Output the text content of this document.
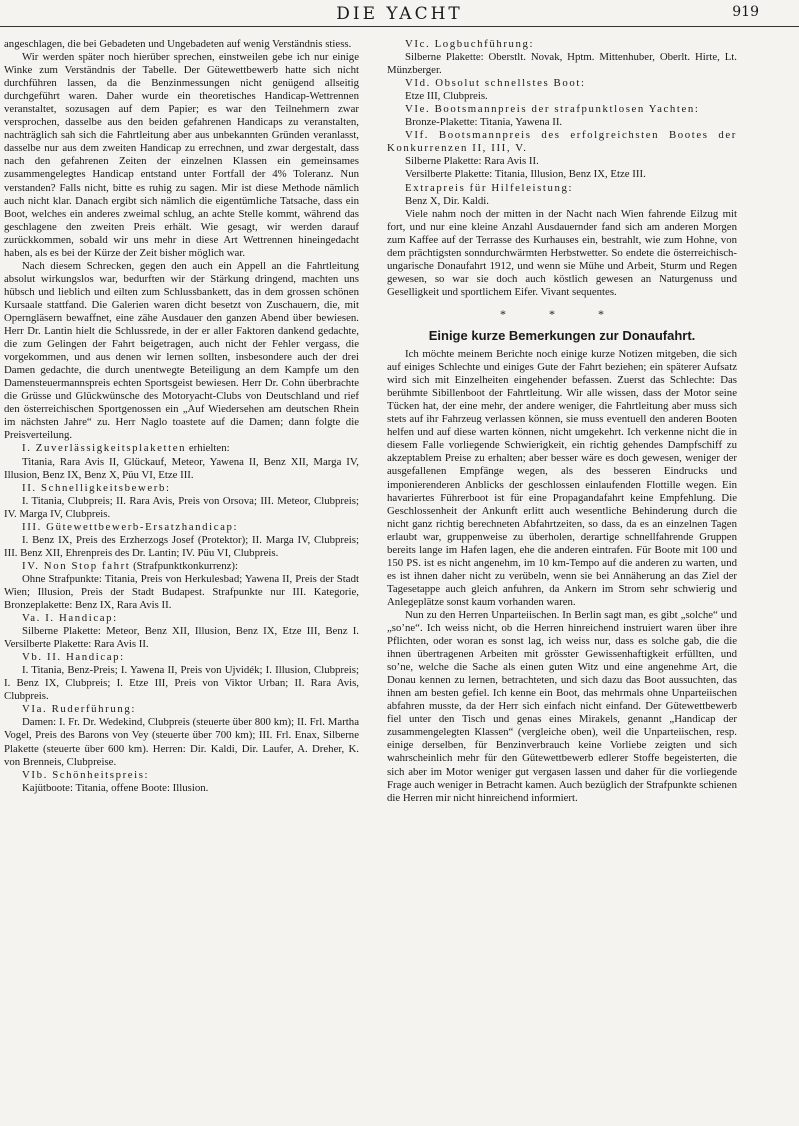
DIE YACHT	919

angeschlagen, die bei Gebadeten und Ungebadeten auf wenig Verständnis stiess.

Wir werden später noch hierüber sprechen, einstweilen gebe ich nur einige Winke zum Verständnis der Tabelle. Der Gütewettbewerb hatte sich nicht durchführen lassen, da die Benzinmessungen nicht genügend allseitig durchgeführt waren. Daher wurde ein theoretisches Handicap-Wettrennen veranstaltet, sozusagen auf dem Papier; es war den Teilnehmern zwar versprochen, dasselbe aus den beiden gefahrenen Handicaps zu veranstalten, nachträglich sah sich die Fahrtleitung aber aus unbekannten Gründen veranlasst, dasselbe nur aus dem zweiten Handicap zu errechnen, und zwar dergestalt, dass nach den gefahrenen Zeiten der einzelnen Klassen ein gemeinsames zusammengelegtes Handicap entstand unter Fortfall der 4% Toleranz. Nun verstanden? Falls nicht, bitte es ruhig zu sagen. Mir ist diese Methode nämlich auch nicht klar. Danach ergibt sich nämlich die eigentümliche Tatsache, dass ein Boot, welches ein anderes zweimal schlug, an achte Stelle kommt, während das geschlagene den zweiten Preis erhält. Wie gesagt, wir werden darauf zurückkommen, sobald wir uns mehr in diese Art Wettrennen hineingedacht haben, als es bei der Kürze der Zeit bisher möglich war.

Nach diesem Schrecken, gegen den auch ein Appell an die Fahrtleitung absolut wirkungslos war, bedurften wir der Stärkung dringend, machten uns hübsch und lieblich und eilten zum Schlussbankett, das in dem grossen schönen Kursaale stattfand. Die Galerien waren dicht besetzt von Zuschauern, die, mit Operngläsern bewaffnet, eine zähe Ausdauer den ganzen Abend über bewiesen. Herr Dr. Lantin hielt die Schlussrede, in der er aller Faktoren dankend gedachte, die zum Gelingen der Fahrt beigetragen, auch nicht der Fehler vergass, die vorgekommen, und aus denen wir lernen sollten, insbesondere auch der drei Damen gedachte, die durch unentwegte Beteiligung an dem Kampfe um den Damensteuermannspreis echten Sportsgeist bewiesen. Herr Dr. Cohn überbrachte die Grüsse und Glückwünsche des Motoryacht-Clubs von Deutschland und rief den österreichischen Sportgenossen ein „Auf Wiedersehen am deutschen Rhein im nächsten Jahre“ zu. Herr Naglo toastete auf die Damen; dann folgte die Preisverteilung.

I. Zuverlässigkeitsplaketten erhielten:

Titania, Rara Avis II, Glückauf, Meteor, Yawena II, Benz XII, Marga IV, Illusion, Benz IX, Benz X, Püu VI, Etze III.

II. Schnelligkeitsbewerb:

I. Titania, Clubpreis; II. Rara Avis, Preis von Orsova; III. Meteor, Clubpreis; IV. Marga IV, Clubpreis.

III. Gütewettbewerb-Ersatzhandicap:

I. Benz IX, Preis des Erzherzogs Josef (Protektor); II. Marga IV, Clubpreis; III. Benz XII, Ehrenpreis des Dr. Lantin; IV. Püu VI, Clubpreis.

IV. Non Stop fahrt (Strafpunktkonkurrenz):

Ohne Strafpunkte: Titania, Preis von Herkulesbad; Yawena II, Preis der Stadt Wien; Illusion, Preis der Stadt Budapest. Strafpunkte nur III. Kategorie, Bronzeplakette: Benz IX, Rara Avis II.

Va. I. Handicap:

Silberne Plakette: Meteor, Benz XII, Illusion, Benz IX, Etze III, Benz I. Versilberte Plakette: Rara Avis II.

Vb. II. Handicap:

I. Titania, Benz-Preis; I. Yawena II, Preis von Ujvidék; I. Illusion, Clubpreis; I. Benz IX, Clubpreis; I. Etze III, Preis von Viktor Urban; II. Rara Avis, Clubpreis.

VIa. Ruderführung:

Damen: I. Fr. Dr. Wedekind, Clubpreis (steuerte über 800 km); II. Frl. Martha Vogel, Preis des Barons von Vey (steuerte über 700 km); III. Frl. Enax, Silberne Plakette (steuerte über 600 km). Herren: Dir. Kaldi, Dir. Laufer, A. Dreher, K. von Brenneis, Clubpreise.

VIb. Schönheitspreis:

Kajütboote: Titania, offene Boote: Illusion.

VIc. Logbuchführung:

Silberne Plakette: Oberstlt. Novak, Hptm. Mittenhuber, Oberlt. Hirte, Lt. Münzberger.

VId. Obsolut schnellstes Boot:

Etze III, Clubpreis.

VIe. Bootsmannpreis der strafpunktlosen Yachten:

Bronze-Plakette: Titania, Yawena II.

VIf. Bootsmannpreis des erfolgreichsten Bootes der Konkurrenzen II, III, V.

Silberne Plakette: Rara Avis II.

Versilberte Plakette: Titania, Illusion, Benz IX, Etze III.

Extrapreis für Hilfeleistung:

Benz X, Dir. Kaldi.

Viele nahm noch der mitten in der Nacht nach Wien fahrende Eilzug mit fort, und nur eine kleine Anzahl Ausdauernder fand sich am anderen Morgen zum Kaffee auf der Terrasse des Kurhauses ein, bestrahlt, wie zum Hohne, von dem prächtigsten sonndurchwärmten Herbstwetter. So endete die österreichisch-ungarische Donaufahrt 1912, und wenn sie Mühe und Arbeit, Sturm und Regen gewesen, so war sie doch auch köstlich gewesen an Naturgenuss und Geselligkeit und sportlichem Eifer. Vivant sequentes.

* * *
Einige kurze Bemerkungen zur Donaufahrt.

Ich möchte meinem Berichte noch einige kurze Notizen mitgeben, die sich auf einiges Schlechte und einiges Gute der Fahrt beziehen; ein späterer Aufsatz wird sich mit Einzelheiten eingehender befassen. Zuerst das Schlechte: Das berühmte Sibillenboot der Fahrtleitung. Wir alle wissen, dass der Motor seine Tücken hat, der eine mehr, der andere weniger, die Fahrtleitung aber muss sich stets auf ihr Fahrzeug verlassen können, sie muss eventuell den anderen Booten helfen und auf diese warten können, nicht umgekehrt. Ich verkenne nicht die in diesem Falle vorliegende Schwierigkeit, ein richtig gehendes Dampfschiff zu akzeptablem Preise zu erhalten; aber besser wäre es doch gewesen, weniger der ausgefallenen Empfänge wegen, als des besseren Eindrucks und imponierenderen Anblicks der geschlossen einlaufenden Flottille wegen. Ein havariertes Führerboot ist für eine Propagandafahrt keine Empfehlung. Die Geschlossenheit der Ankunft erlitt auch wesentliche Behinderung durch die nicht ganz richtig berechneten Abfahrtzeiten, so dass, da es an einzelnen Tagen erlaubt war, gruppenweise zu überholen, derartige schnellfahrende Gruppen bereits lange im Hafen lagen, ehe die anderen eintrafen. Für Boote mit 100 und 150 PS. ist es nicht angenehm, im 10 km-Tempo auf die anderen zu warten, und es ist ihnen daher nicht zu verübeln, wenn sie bei Annäherung an das Ziel der Tagesetappe auch gleich anfuhren, da Ankern im Strom sehr schwierig und Anlegeplätze sonst kaum vorhanden waren.

Nun zu den Herren Unparteiischen. In Berlin sagt man, es gibt „solche“ und „so’ne“. Ich weiss nicht, ob die Herren hinreichend instruiert waren über ihre Pflichten, oder woran es sonst lag, ich weiss nur, dass es solche gab, die die ihnen übertragenen Arbeiten mit grösster Gewissenhaftigkeit erfüllten, und so’ne, welche die Sache als einen guten Witz und eine angenehme Art, die Donau kennen zu lernen, betrachteten, und sich dazu das Boot aussuchten, das ihnen am besten gefiel. Ich kenne ein Boot, das mehrmals ohne Unparteiischen abfahren musste, da der Herr sich einfach nicht einfand. Der Gütewettbewerb fiel unter den Tisch und genas eines Mirakels, genannt „Handicap der zusammengelegten Klassen“ (vergleiche oben), weil die Unparteiischen, resp. einige derselben, für Benzinverbrauch keine Vorliebe zeigten und sich wahrscheinlich mehr für den Gütewettbewerb edlerer Stoffe begeisterten, die sich aber im Motor weniger gut vergasen lassen und daher für die vorliegende Frage auch weniger in Betracht kamen. Auch bezüglich der Strafpunkte schienen die Herren mir nicht hinreichend informiert.
